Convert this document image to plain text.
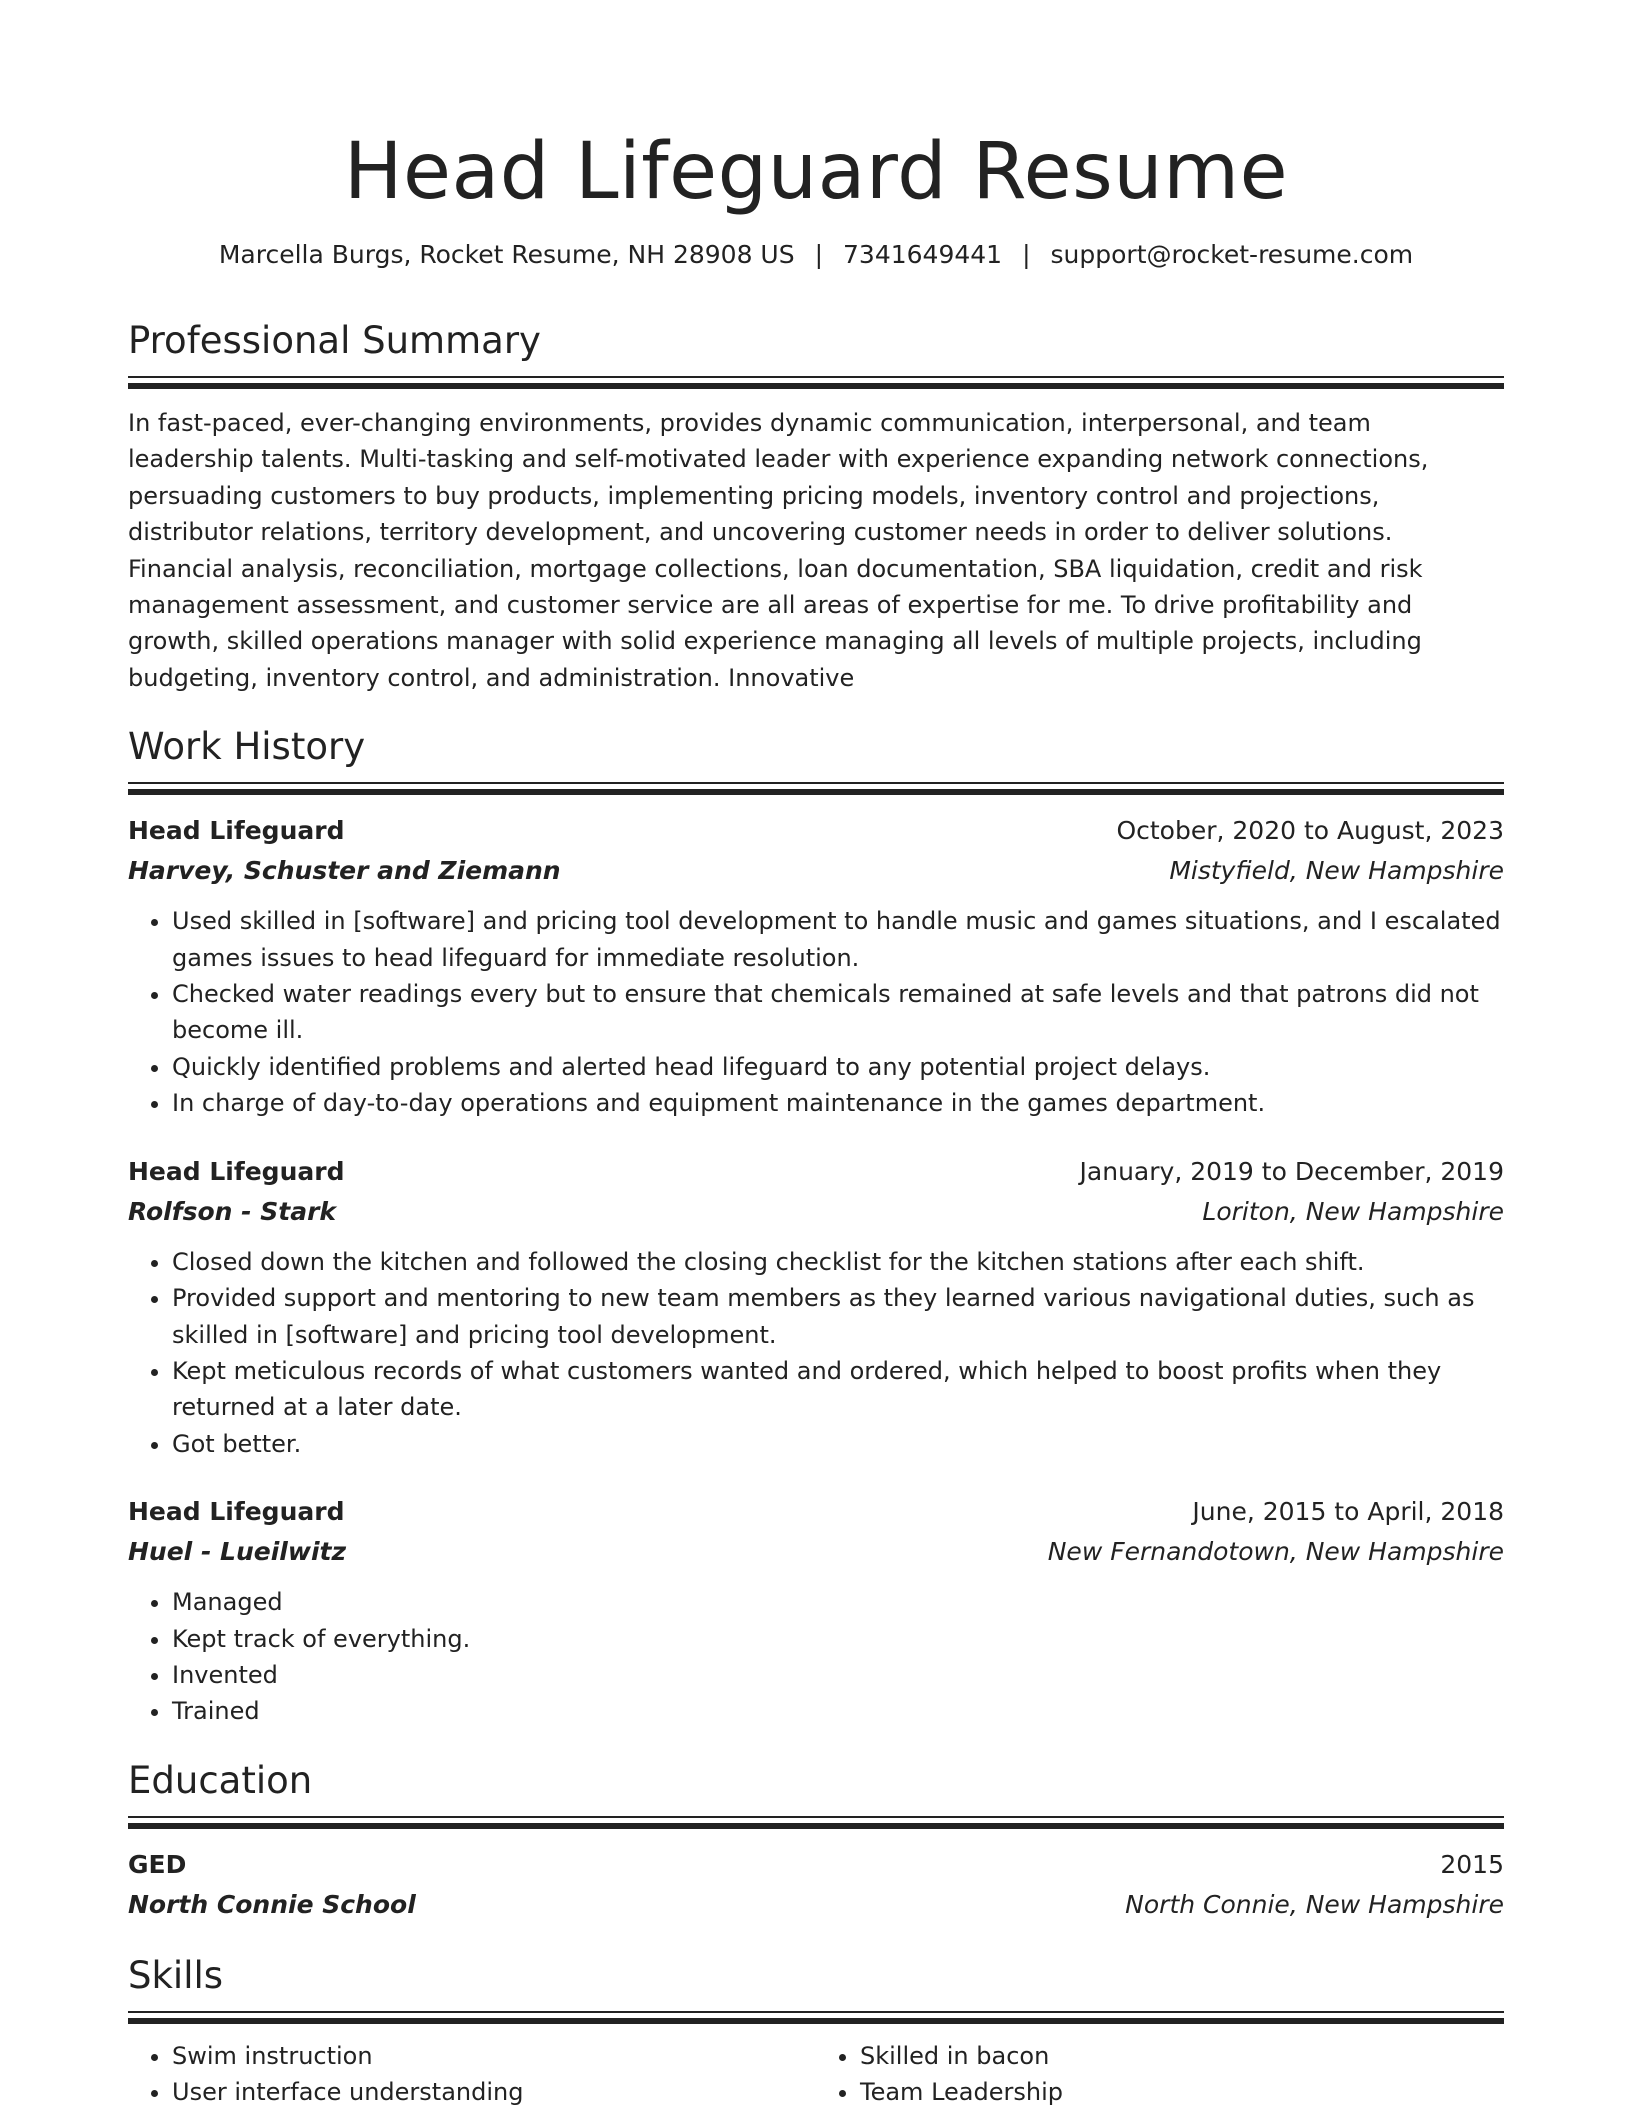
Head Lifeguard Resume
Marcella Burgs, Rocket Resume, NH 28908 US | 7341649441 | support@rocket-resume.com
Professional Summary

In fast-paced, ever-changing environments, provides dynamic communication, interpersonal, and team leadership talents. Multi-tasking and self-motivated leader with experience expanding network connections, persuading customers to buy products, implementing pricing models, inventory control and projections, distributor relations, territory development, and uncovering customer needs in order to deliver solutions. Financial analysis, reconciliation, mortgage collections, loan documentation, SBA liquidation, credit and risk management assessment, and customer service are all areas of expertise for me. To drive profitability and growth, skilled operations manager with solid experience managing all levels of multiple projects, including budgeting, inventory control, and administration. Innovative

Work History
Head Lifeguard	October, 2020 to August, 2023
Harvey, Schuster and Ziemann	Mistyfield, New Hampshire
• Used skilled in [software] and pricing tool development to handle music and games situations, and I escalated games issues to head lifeguard for immediate resolution.
• Checked water readings every but to ensure that chemicals remained at safe levels and that patrons did not become ill.
• Quickly identified problems and alerted head lifeguard to any potential project delays.
• In charge of day-to-day operations and equipment maintenance in the games department.
Head Lifeguard	January, 2019 to December, 2019
Rolfson - Stark	Loriton, New Hampshire
• Closed down the kitchen and followed the closing checklist for the kitchen stations after each shift.
• Provided support and mentoring to new team members as they learned various navigational duties, such as skilled in [software] and pricing tool development.
• Kept meticulous records of what customers wanted and ordered, which helped to boost profits when they returned at a later date.
• Got better.
Head Lifeguard	June, 2015 to April, 2018
Huel - Lueilwitz	New Fernandotown, New Hampshire
• Managed
• Kept track of everything.
• Invented
• Trained
Education
GED	2015
North Connie School	North Connie, New Hampshire
Skills
• Swim instruction
• User interface understanding
• Skilled in bacon
• Team Leadership
